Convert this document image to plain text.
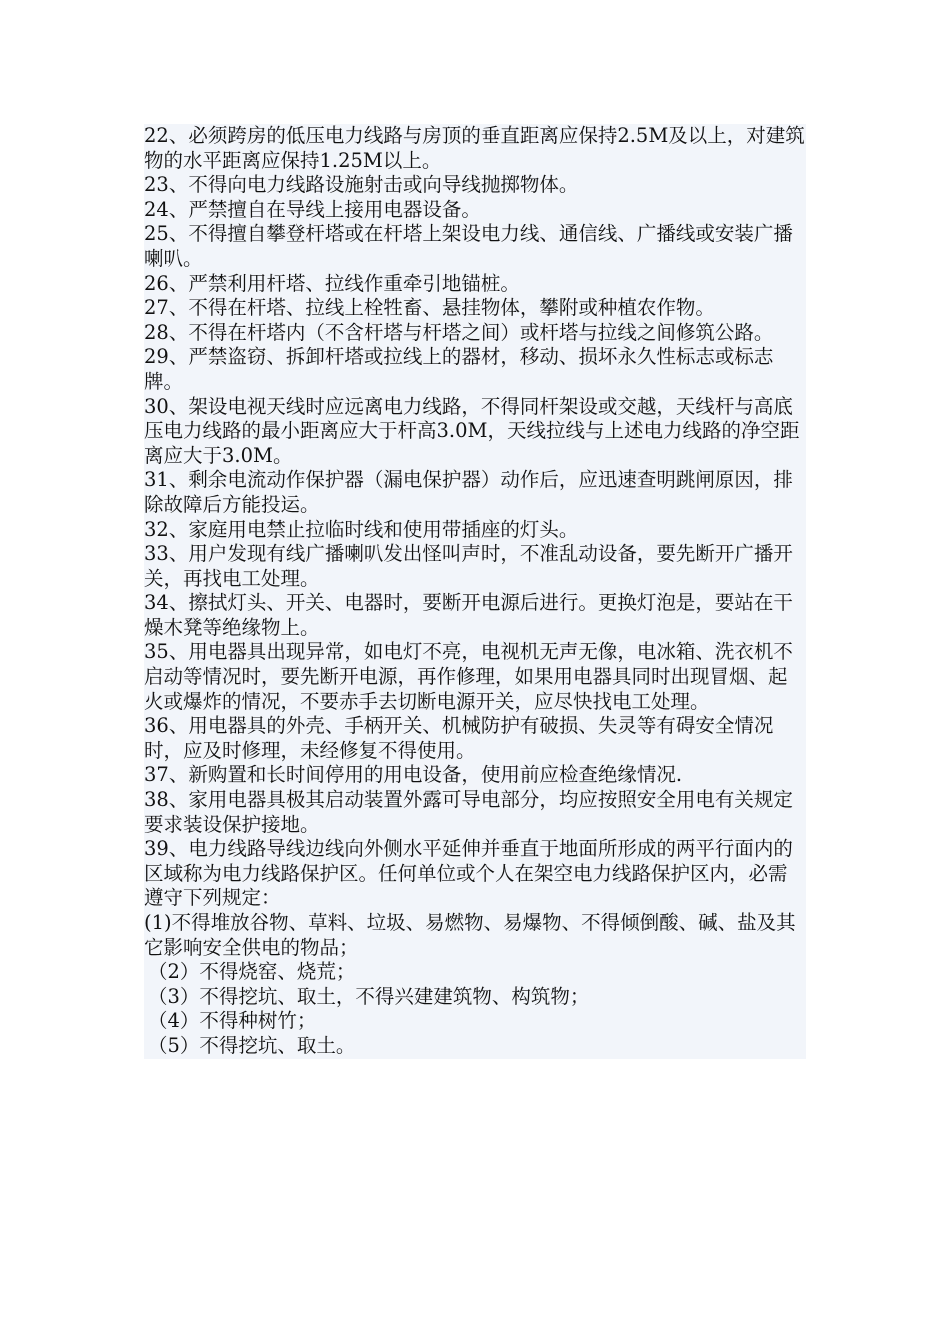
22、必须跨房的低压电力线路与房顶的垂直距离应保持2.5M及以上，对建筑物的水平距离应保持1.25M以上。

23、不得向电力线路设施射击或向导线抛掷物体。

24、严禁擅自在导线上接用电器设备。

25、不得擅自攀登杆塔或在杆塔上架设电力线、通信线、广播线或安装广播喇叭。

26、严禁利用杆塔、拉线作重牵引地锚桩。

27、不得在杆塔、拉线上栓牲畜、悬挂物体，攀附或种植农作物。

28、不得在杆塔内（不含杆塔与杆塔之间）或杆塔与拉线之间修筑公路。

29、严禁盗窃、拆卸杆塔或拉线上的器材，移动、损坏永久性标志或标志牌。

30、架设电视天线时应远离电力线路，不得同杆架设或交越，天线杆与高底压电力线路的最小距离应大于杆高3.0M，天线拉线与上述电力线路的净空距离应大于3.0M。

31、剩余电流动作保护器（漏电保护器）动作后，应迅速查明跳闸原因，排除故障后方能投运。

32、家庭用电禁止拉临时线和使用带插座的灯头。

33、用户发现有线广播喇叭发出怪叫声时，不准乱动设备，要先断开广播开关，再找电工处理。

34、擦拭灯头、开关、电器时，要断开电源后进行。更换灯泡是，要站在干燥木凳等绝缘物上。

35、用电器具出现异常，如电灯不亮，电视机无声无像，电冰箱、洗衣机不启动等情况时，要先断开电源，再作修理，如果用电器具同时出现冒烟、起火或爆炸的情况，不要赤手去切断电源开关，应尽快找电工处理。

36、用电器具的外壳、手柄开关、机械防护有破损、失灵等有碍安全情况时，应及时修理，未经修复不得使用。

37、新购置和长时间停用的用电设备，使用前应检查绝缘情况.

38、家用电器具极其启动装置外露可导电部分，均应按照安全用电有关规定要求装设保护接地。

39、电力线路导线边线向外侧水平延伸并垂直于地面所形成的两平行面内的区域称为电力线路保护区。任何单位或个人在架空电力线路保护区内，必需遵守下列规定：

(1)不得堆放谷物、草料、垃圾、易燃物、易爆物、不得倾倒酸、碱、盐及其它影响安全供电的物品；

（2）不得烧窑、烧荒；

（3）不得挖坑、取土，不得兴建建筑物、构筑物；

（4）不得种树竹；

（5）不得挖坑、取土。
